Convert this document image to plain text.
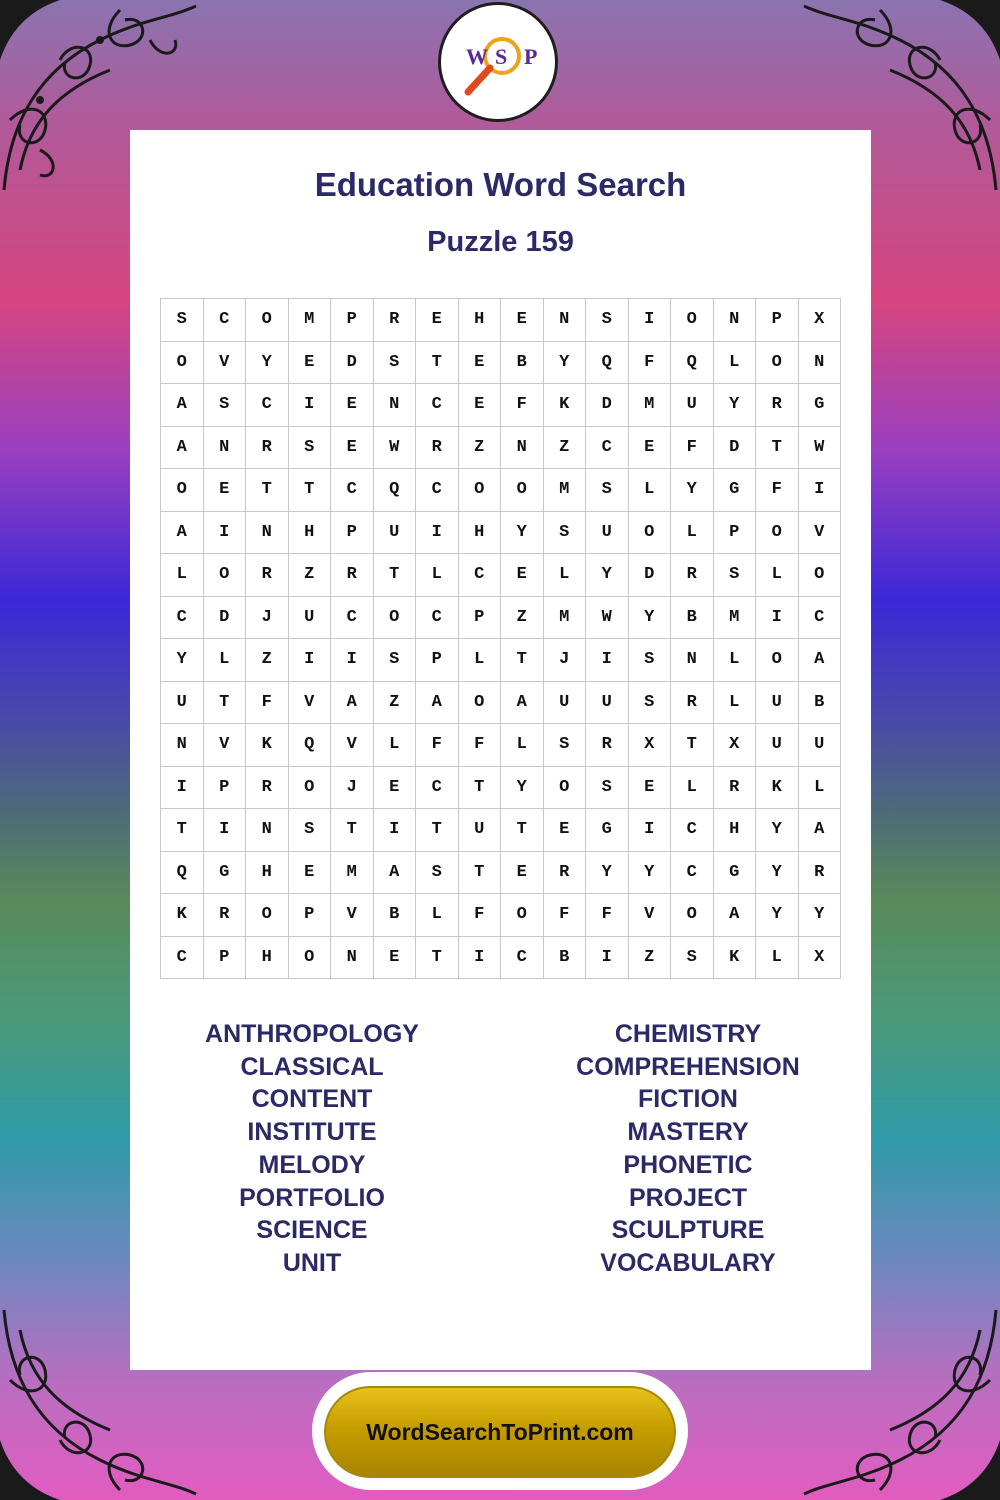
W S P
Education Word Search
Puzzle 159
S	C	O	M	P	R	E	H	E	N	S	I	O	N	P	X
O	V	Y	E	D	S	T	E	B	Y	Q	F	Q	L	O	N
A	S	C	I	E	N	C	E	F	K	D	M	U	Y	R	G
A	N	R	S	E	W	R	Z	N	Z	C	E	F	D	T	W
O	E	T	T	C	Q	C	O	O	M	S	L	Y	G	F	I
A	I	N	H	P	U	I	H	Y	S	U	O	L	P	O	V
L	O	R	Z	R	T	L	C	E	L	Y	D	R	S	L	O
C	D	J	U	C	O	C	P	Z	M	W	Y	B	M	I	C
Y	L	Z	I	I	S	P	L	T	J	I	S	N	L	O	A
U	T	F	V	A	Z	A	O	A	U	U	S	R	L	U	B
N	V	K	Q	V	L	F	F	L	S	R	X	T	X	U	U
I	P	R	O	J	E	C	T	Y	O	S	E	L	R	K	L
T	I	N	S	T	I	T	U	T	E	G	I	C	H	Y	A
Q	G	H	E	M	A	S	T	E	R	Y	Y	C	G	Y	R
K	R	O	P	V	B	L	F	O	F	F	V	O	A	Y	Y
C	P	H	O	N	E	T	I	C	B	I	Z	S	K	L	X
ANTHROPOLOGY
CLASSICAL
CONTENT
INSTITUTE
MELODY
PORTFOLIO
SCIENCE
UNIT
CHEMISTRY
COMPREHENSION
FICTION
MASTERY
PHONETIC
PROJECT
SCULPTURE
VOCABULARY
WordSearchToPrint.com
